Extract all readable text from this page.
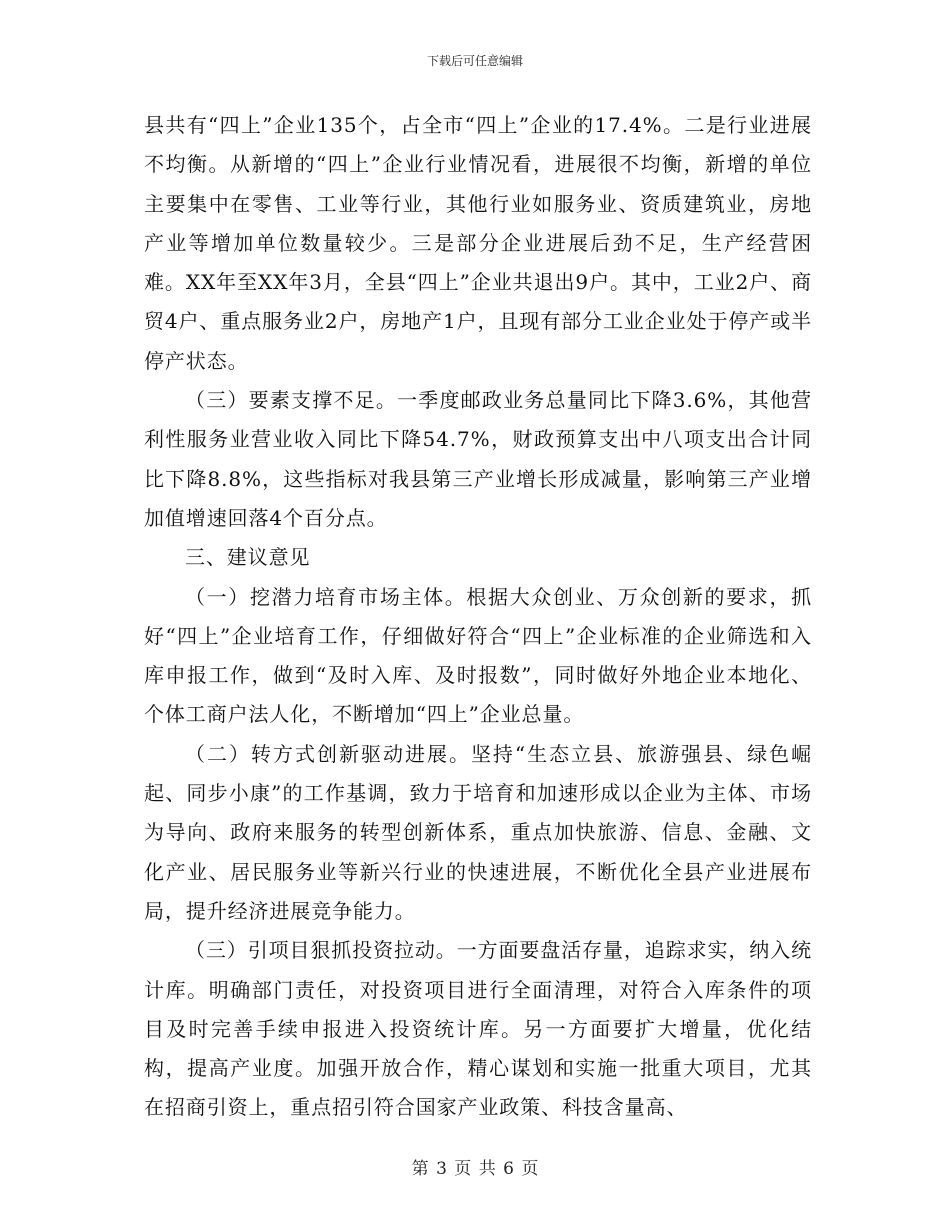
下载后可任意编辑

县共有“四上”企业135个，占全市“四上”企业的17.4%。二是行业进展不均衡。从新增的“四上”企业行业情况看，进展很不均衡，新增的单位主要集中在零售、工业等行业，其他行业如服务业、资质建筑业，房地产业等增加单位数量较少。三是部分企业进展后劲不足，生产经营困难。XX年至XX年3月，全县“四上”企业共退出9户。其中，工业2户、商贸4户、重点服务业2户，房地产1户，且现有部分工业企业处于停产或半停产状态。

（三）要素支撑不足。一季度邮政业务总量同比下降3.6%，其他营利性服务业营业收入同比下降54.7%，财政预算支出中八项支出合计同比下降8.8%，这些指标对我县第三产业增长形成减量，影响第三产业增加值增速回落4个百分点。

三、建议意见

（一）挖潜力培育市场主体。根据大众创业、万众创新的要求，抓好“四上”企业培育工作，仔细做好符合“四上”企业标准的企业筛选和入库申报工作，做到“及时入库、及时报数”，同时做好外地企业本地化、个体工商户法人化，不断增加“四上”企业总量。

（二）转方式创新驱动进展。坚持“生态立县、旅游强县、绿色崛起、同步小康”的工作基调，致力于培育和加速形成以企业为主体、市场为导向、政府来服务的转型创新体系，重点加快旅游、信息、金融、文化产业、居民服务业等新兴行业的快速进展，不断优化全县产业进展布局，提升经济进展竞争能力。

（三）引项目狠抓投资拉动。一方面要盘活存量，追踪求实，纳入统计库。明确部门责任，对投资项目进行全面清理，对符合入库条件的项目及时完善手续申报进入投资统计库。另一方面要扩大增量，优化结构，提高产业度。加强开放合作，精心谋划和实施一批重大项目，尤其在招商引资上，重点招引符合国家产业政策、科技含量高、

第 3 页 共 6 页
